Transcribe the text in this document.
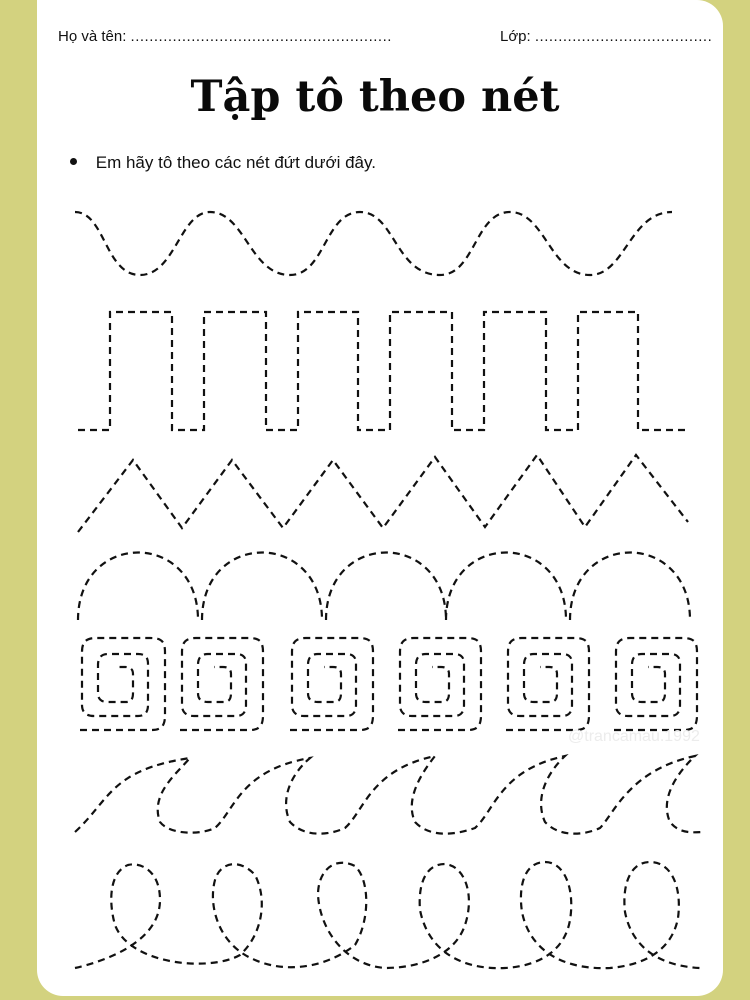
Họ và tên: ........................................................	Lớp: ......................................
Tập tô theo nét
Em hãy tô theo các nét đứt dưới đây.
@trancamau.1992
